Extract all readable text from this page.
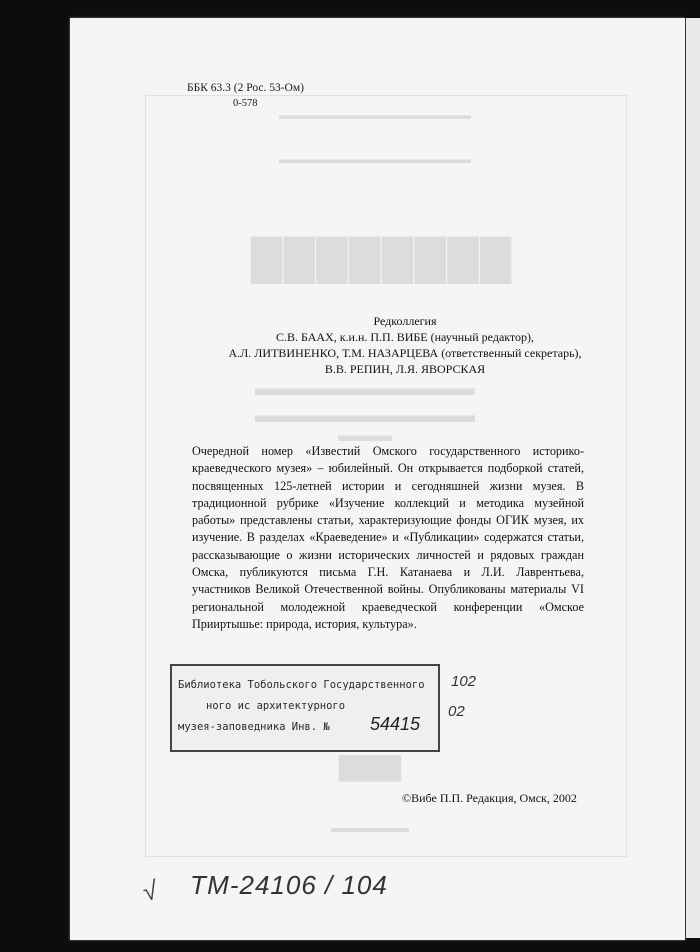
▬▬▬▬▬▬▬▬▬▬▬▬▬▬▬▬
▬▬▬▬▬▬▬▬▬▬▬▬▬▬▬▬
████████
▬▬▬▬▬▬▬▬▬▬
▬▬▬▬▬▬▬▬▬▬
▬▬▬
████
▬▬▬▬▬▬
ББК 63.3 (2 Рос. 53-Ом)
0-578
Редколлегия
С.В. БААХ, к.и.н. П.П. ВИБЕ (научный редактор),
А.Л. ЛИТВИНЕНКО, Т.М. НАЗАРЦЕВА (ответственный секретарь),
В.В. РЕПИН, Л.Я. ЯВОРСКАЯ
Очередной номер «Известий Омского государственного историко-краеведческого музея» – юбилейный. Он открывается подборкой статей, посвященных 125-летней истории и сегодняшней жизни музея. В традиционной рубрике «Изучение коллекций и методика музейной работы» представлены статьи, характеризующие фонды ОГИК музея, их изучение. В разделах «Краеведение» и «Публикации» содержатся статьи, рассказывающие о жизни исторических личностей и рядовых граждан Омска, публикуются письма Г.Н. Катанаева и Л.И. Лаврентьева, участников Великой Отечественной войны. Опубликованы материалы VI региональной молодежной краеведческой конференции «Омское Прииртышье: природа, история, культура».
Библиотека Тобольского Государственного
ного ис архитектурного
музея-заповедника Инв. № 54415
102
02
©Вибе П.П. Редакция, Омск, 2002
√ ТМ-24106 / 104
